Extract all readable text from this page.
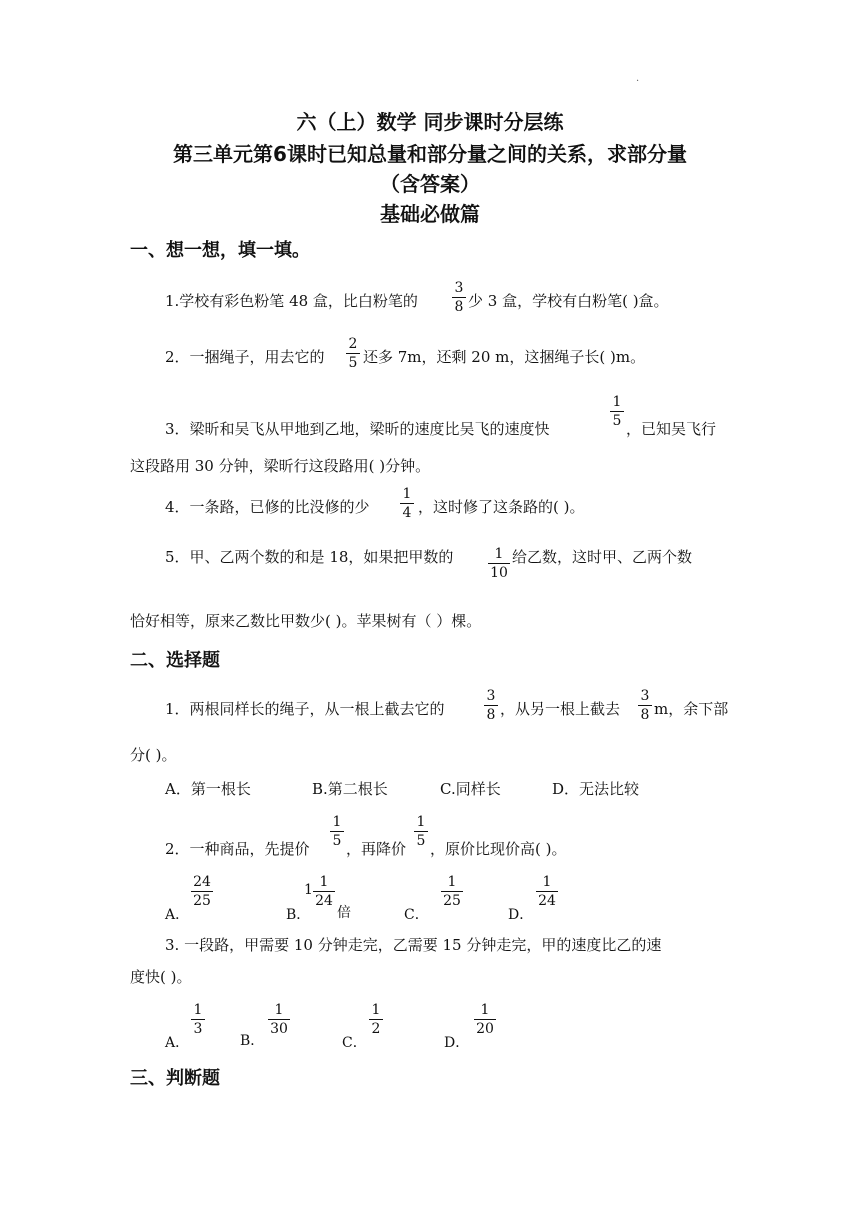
·
六（上）数学 同步课时分层练
第三单元第6课时已知总量和部分量之间的关系，求部分量
（含答案）
基础必做篇
一、想一想，填一填。
1.学校有彩色粉笔 48 盒，比白粉笔的
3
8 少 3 盒，学校有白粉笔( )盒。
2．一捆绳子，用去它的
2
5 还多 7m，还剩 20 m，这捆绳子长( )m。
3．梁昕和吴飞从甲地到乙地，梁昕的速度比吴飞的速度快
1
5 ，已知吴飞行
这段路用 30 分钟，梁昕行这段路用( )分钟。
4．一条路，已修的比没修的少
1
4 ，这时修了这条路的( )。
5．甲、乙两个数的和是 18，如果把甲数的	1
10
给乙数，这时甲、乙两个数
恰好相等，原来乙数比甲数少( )。苹果树有（ ）棵。
二、选择题
1．两根同样长的绳子，从一根上截去它的
3
8 ，从另一根上截去
3
8 m，余下部
分( )。
A．第一根长	B.第二根长	C.同样长	D．无法比较
2．一种商品，先提价
1
5 ，再降价
1
5 ，原价比现价高( )。
A．
24
25
B．
1 1
24
倍	C．
1
25
D．
1
24
3. 一段路，甲需要 10 分钟走完，乙需要 15 分钟走完，甲的速度比乙的速
度快( )。
A．
1
3
B．
1
30
C．
1
2
D．
1
20
三、判断题
